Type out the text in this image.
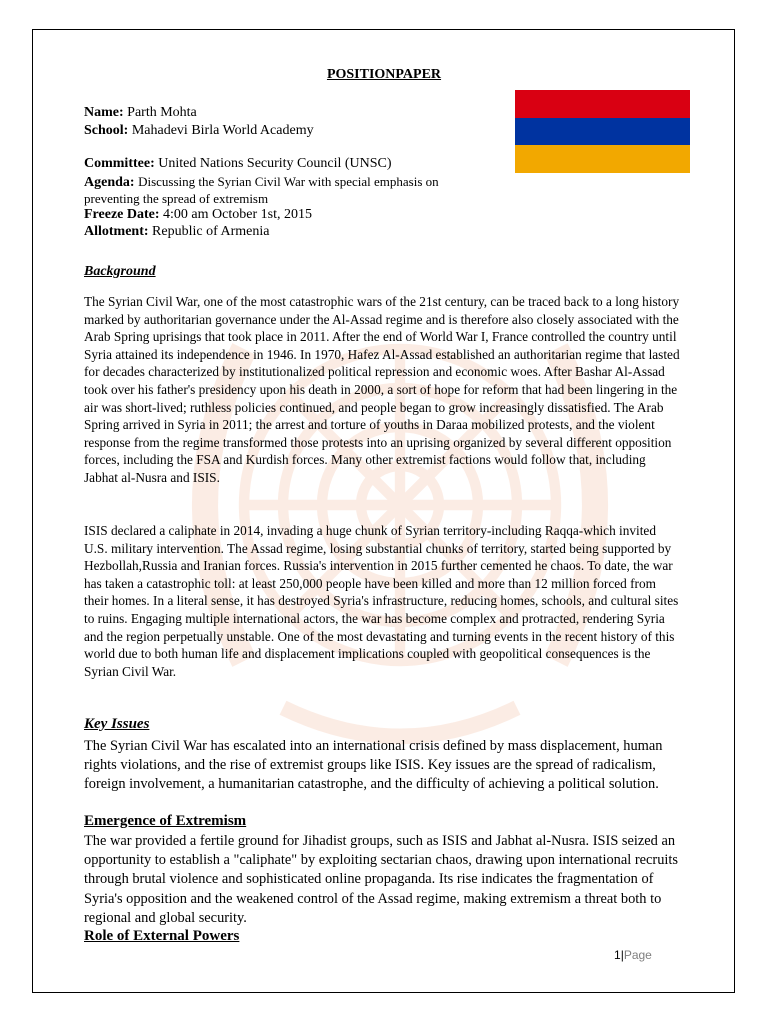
POSITIONPAPER
Name: Parth Mohta
School: Mahadevi Birla World Academy
Committee: United Nations Security Council (UNSC)
Agenda: Discussing the Syrian Civil War with special emphasis on
preventing the spread of extremism
Freeze Date: 4:00 am October 1st, 2015
Allotment: Republic of Armenia
Background

The Syrian Civil War, one of the most catastrophic wars of the 21st century, can be traced back to a long history marked by authoritarian governance under the Al-Assad regime and is therefore also closely associated with the Arab Spring uprisings that took place in 2011. After the end of World War I, France controlled the country until Syria attained its independence in 1946. In 1970, Hafez Al-Assad established an authoritarian regime that lasted for decades characterized by institutionalized political repression and economic woes. After Bashar Al-Assad took over his father's presidency upon his death in 2000, a sort of hope for reform that had been lingering in the air was short-lived; ruthless policies continued, and people began to grow increasingly dissatisfied. The Arab Spring arrived in Syria in 2011; the arrest and torture of youths in Daraa mobilized protests, and the violent response from the regime transformed those protests into an uprising organized by several different opposition forces, including the FSA and Kurdish forces. Many other extremist factions would follow that, including Jabhat al-Nusra and ISIS.

ISIS declared a caliphate in 2014, invading a huge chunk of Syrian territory-including Raqqa-which invited U.S. military intervention. The Assad regime, losing substantial chunks of territory, started being supported by Hezbollah,Russia and Iranian forces. Russia's intervention in 2015 further cemented he chaos. To date, the war has taken a catastrophic toll: at least 250,000 people have been killed and more than 12 million forced from their homes. In a literal sense, it has destroyed Syria's infrastructure, reducing homes, schools, and cultural sites to ruins. Engaging multiple international actors, the war has become complex and protracted, rendering Syria and the region perpetually unstable. One of the most devastating and turning events in the recent history of this world due to both human life and displacement implications coupled with geopolitical consequences is the Syrian Civil War.

Key Issues

The Syrian Civil War has escalated into an international crisis defined by mass displacement, human rights violations, and the rise of extremist groups like ISIS. Key issues are the spread of radicalism, foreign involvement, a humanitarian catastrophe, and the difficulty of achieving a political solution.

Emergence of Extremism

The war provided a fertile ground for Jihadist groups, such as ISIS and Jabhat al-Nusra. ISIS seized an opportunity to establish a "caliphate" by exploiting sectarian chaos, drawing upon international recruits through brutal violence and sophisticated online propaganda. Its rise indicates the fragmentation of Syria's opposition and the weakened control of the Assad regime, making extremism a threat both to regional and global security.

Role of External Powers
1|Page
